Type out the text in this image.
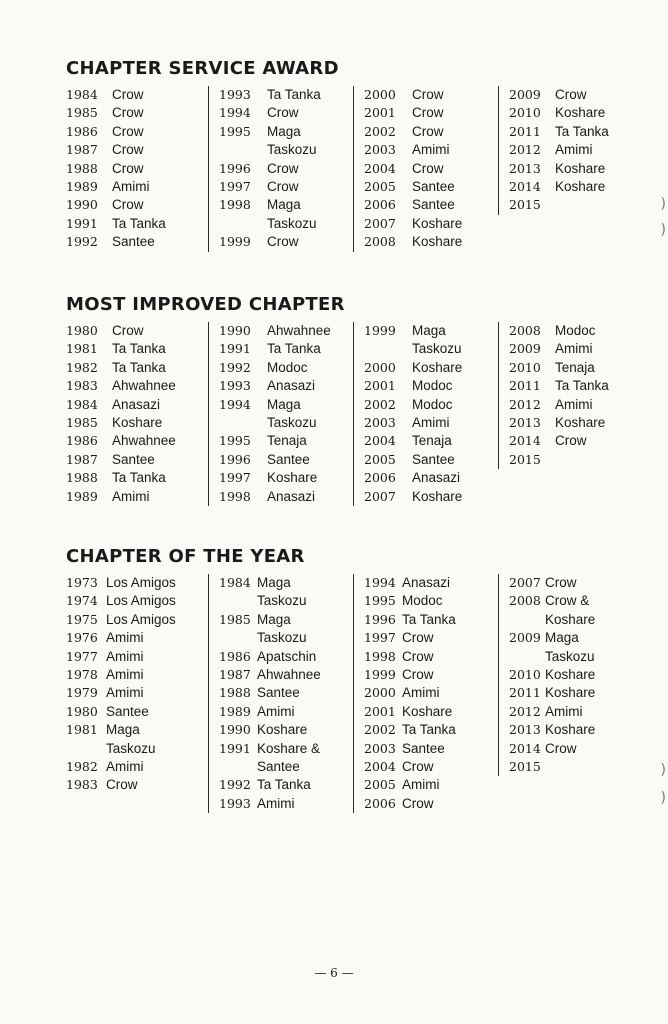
CHAPTER SERVICE AWARD
1984	Crow
1985	Crow
1986	Crow
1987	Crow
1988	Crow
1989	Amimi
1990	Crow
1991	Ta Tanka
1992	Santee
1993	Ta Tanka
1994	Crow
1995	Maga
Taskozu
1996	Crow
1997	Crow
1998	Maga
Taskozu
1999	Crow
2000	Crow
2001	Crow
2002	Crow
2003	Amimi
2004	Crow
2005	Santee
2006	Santee
2007	Koshare
2008	Koshare
2009	Crow
2010	Koshare
2011	Ta Tanka
2012	Amimi
2013	Koshare
2014	Koshare
2015
MOST IMPROVED CHAPTER
1980	Crow
1981	Ta Tanka
1982	Ta Tanka
1983	Ahwahnee
1984	Anasazi
1985	Koshare
1986	Ahwahnee
1987	Santee
1988	Ta Tanka
1989	Amimi
1990	Ahwahnee
1991	Ta Tanka
1992	Modoc
1993	Anasazi
1994	Maga
Taskozu
1995	Tenaja
1996	Santee
1997	Koshare
1998	Anasazi
1999	Maga
Taskozu
2000	Koshare
2001	Modoc
2002	Modoc
2003	Amimi
2004	Tenaja
2005	Santee
2006	Anasazi
2007	Koshare
2008	Modoc
2009	Amimi
2010	Tenaja
2011	Ta Tanka
2012	Amimi
2013	Koshare
2014	Crow
2015
CHAPTER OF THE YEAR
1973 Los Amigos
1974 Los Amigos
1975 Los Amigos
1976 Amimi
1977 Amimi
1978 Amimi
1979 Amimi
1980 Santee
1981 Maga
Taskozu
1982 Amimi
1983 Crow
1984 Maga
Taskozu
1985 Maga
Taskozu
1986 Apatschin
1987 Ahwahnee
1988 Santee
1989 Amimi
1990 Koshare
1991 Koshare &
Santee
1992 Ta Tanka
1993 Amimi
1994 Anasazi
1995 Modoc
1996 Ta Tanka
1997 Crow
1998 Crow
1999 Crow
2000 Amimi
2001 Koshare
2002 Ta Tanka
2003 Santee
2004 Crow
2005 Amimi
2006 Crow
2007 Crow
2008 Crow &
Koshare
2009 Maga
Taskozu
2010 Koshare
2011 Koshare
2012 Amimi
2013 Koshare
2014 Crow
2015
— 6 —
)
)
)
)
